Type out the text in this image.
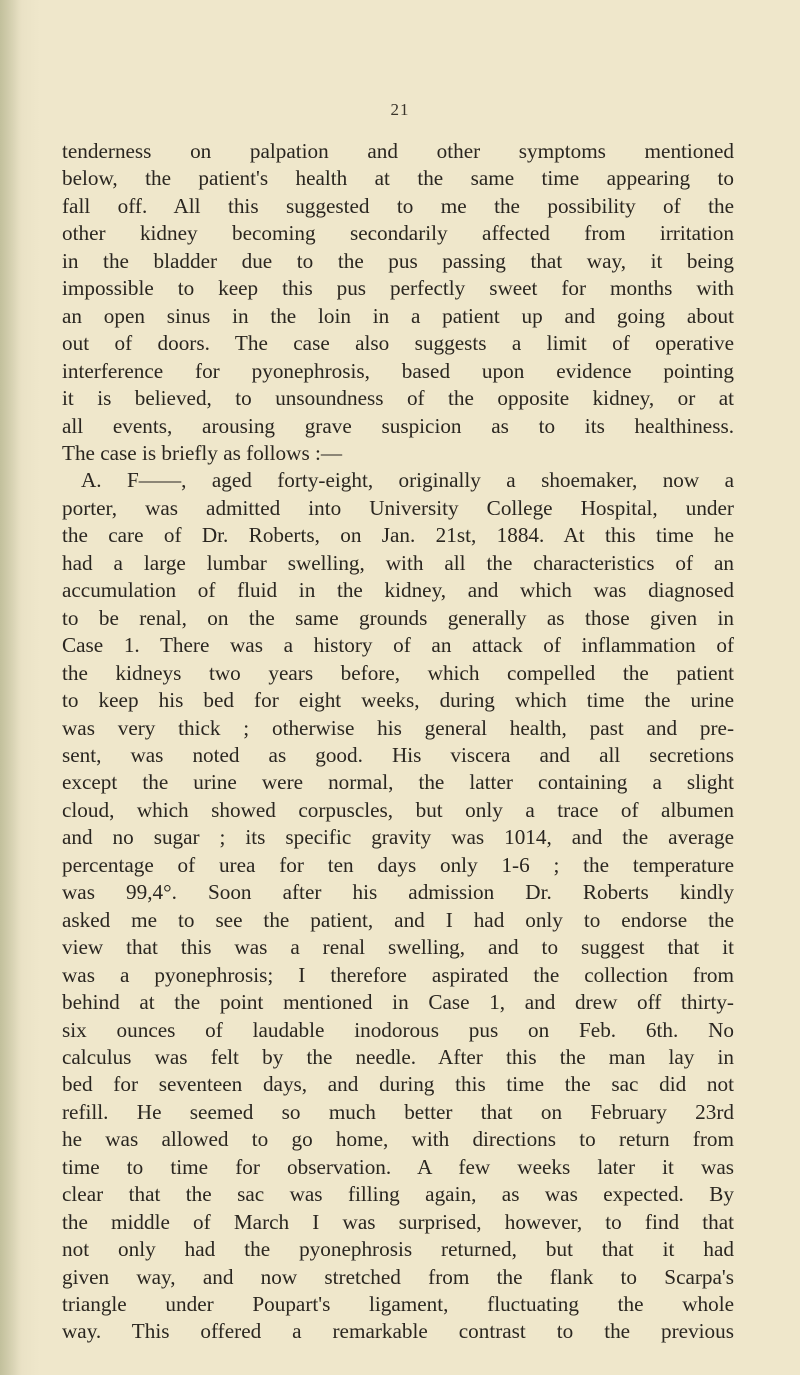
21
tenderness on palpation and other symptoms mentioned
below, the patient's health at the same time appearing to
fall off. All this suggested to me the possibility of the
other kidney becoming secondarily affected from irritation
in the bladder due to the pus passing that way, it being
impossible to keep this pus perfectly sweet for months with
an open sinus in the loin in a patient up and going about
out of doors. The case also suggests a limit of operative
interference for pyonephrosis, based upon evidence pointing
it is believed, to unsoundness of the opposite kidney, or at
all events, arousing grave suspicion as to its healthiness.
The case is briefly as follows :—
A. F——, aged forty-eight, originally a shoemaker, now a
porter, was admitted into University College Hospital, under
the care of Dr. Roberts, on Jan. 21st, 1884. At this time he
had a large lumbar swelling, with all the characteristics of an
accumulation of fluid in the kidney, and which was diagnosed
to be renal, on the same grounds generally as those given in
Case 1. There was a history of an attack of inflammation of
the kidneys two years before, which compelled the patient
to keep his bed for eight weeks, during which time the urine
was very thick ; otherwise his general health, past and pre-
sent, was noted as good. His viscera and all secretions
except the urine were normal, the latter containing a slight
cloud, which showed corpuscles, but only a trace of albumen
and no sugar ; its specific gravity was 1014, and the average
percentage of urea for ten days only 1-6 ; the temperature
was 99,4°. Soon after his admission Dr. Roberts kindly
asked me to see the patient, and I had only to endorse the
view that this was a renal swelling, and to suggest that it
was a pyonephrosis; I therefore aspirated the collection from
behind at the point mentioned in Case 1, and drew off thirty-
six ounces of laudable inodorous pus on Feb. 6th. No
calculus was felt by the needle. After this the man lay in
bed for seventeen days, and during this time the sac did not
refill. He seemed so much better that on February 23rd
he was allowed to go home, with directions to return from
time to time for observation. A few weeks later it was
clear that the sac was filling again, as was expected. By
the middle of March I was surprised, however, to find that
not only had the pyonephrosis returned, but that it had
given way, and now stretched from the flank to Scarpa's
triangle under Poupart's ligament, fluctuating the whole
way. This offered a remarkable contrast to the previous
